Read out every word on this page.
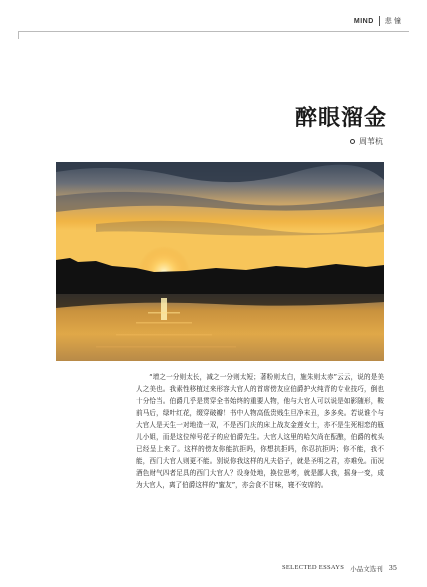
MIND 悲 憧
醉眼溜金
周苇杭

“增之一分则太长，减之一分则太短；著粉则太白，施朱则太赤”云云，说的是美人之美也。我素性移植过来形容大官人的首席傍友应伯爵护火纯青的专业技巧，倒也十分恰当。伯爵几乎是贯穿全书始终的重要人物，他与大官人可以说是如影随形，鞍前马后，绿叶红花，缀穿破瓣！书中人物高低贵贱生旦净末丑，多多矣。若说谁个与大官人是天生一对地造一双，不是西门庆的床上战友金莲女士，亦不是生死相恋的瓶儿小姐，而是这位绰号花子的应伯爵先生。大官人这里的哈欠尚在酝酿，伯爵的枕头已经呈上来了。这样的傍友你能抗拒吗，你想抗拒吗，你忍抗拒吗；你不能，我不能，西门大官人则更不能。别说你我这样的凡夫俗子，就是圣明之君，亦难免。而况酒色财气四者足具的西门大官人？设身处地，换位思考，就是鄙人我，摇身一变，成为大官人，离了伯爵这样的“蜜友”，亦会食不甘味，寝不安席的。

SELECTED ESSAYS 小品文选刊 35
